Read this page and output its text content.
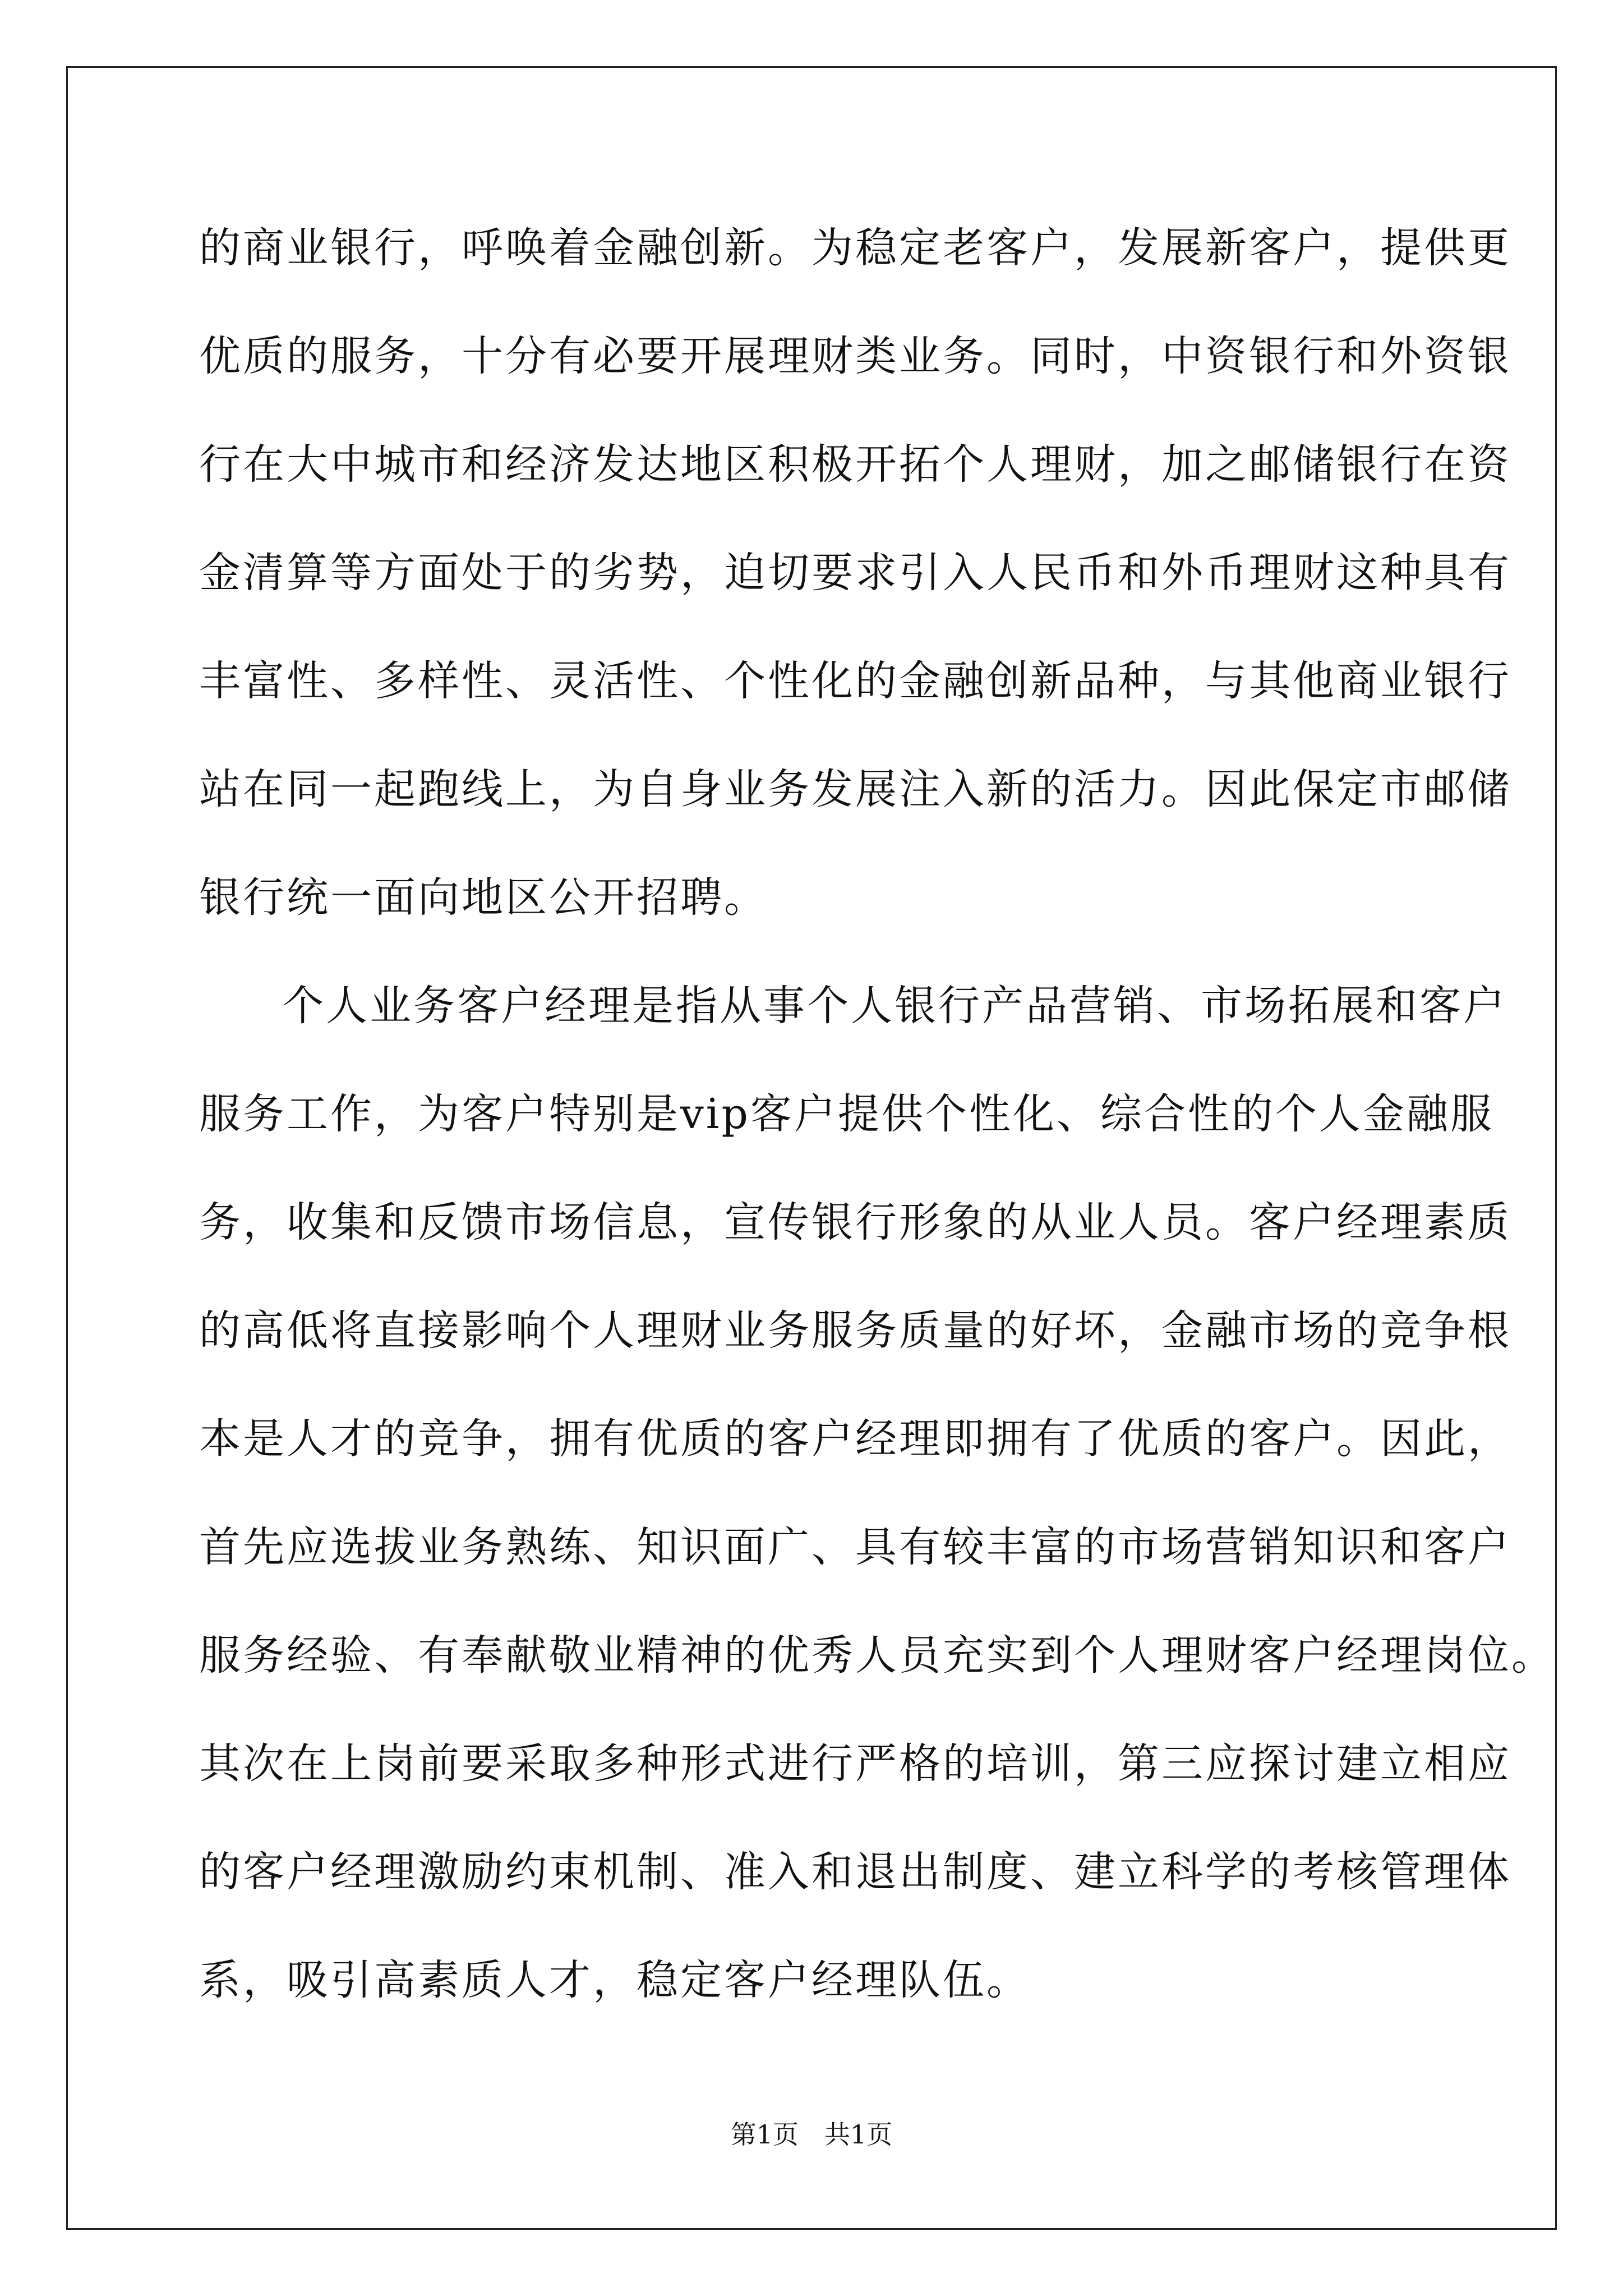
的商业银行，呼唤着金融创新。为稳定老客户，发展新客户，提供更
优质的服务，十分有必要开展理财类业务。同时，中资银行和外资银
行在大中城市和经济发达地区积极开拓个人理财，加之邮储银行在资
金清算等方面处于的劣势，迫切要求引入人民币和外币理财这种具有
丰富性、多样性、灵活性、个性化的金融创新品种，与其他商业银行
站在同一起跑线上，为自身业务发展注入新的活力。因此保定市邮储
银行统一面向地区公开招聘。
个人业务客户经理是指从事个人银行产品营销、市场拓展和客户
服务工作，为客户特别是vip客户提供个性化、综合性的个人金融服
务，收集和反馈市场信息，宣传银行形象的从业人员。客户经理素质
的高低将直接影响个人理财业务服务质量的好坏，金融市场的竞争根
本是人才的竞争，拥有优质的客户经理即拥有了优质的客户。因此，
首先应选拔业务熟练、知识面广、具有较丰富的市场营销知识和客户
服务经验、有奉献敬业精神的优秀人员充实到个人理财客户经理岗位。
其次在上岗前要采取多种形式进行严格的培训，第三应探讨建立相应
的客户经理激励约束机制、准入和退出制度、建立科学的考核管理体
系，吸引高素质人才，稳定客户经理队伍。
第1页　共1页
